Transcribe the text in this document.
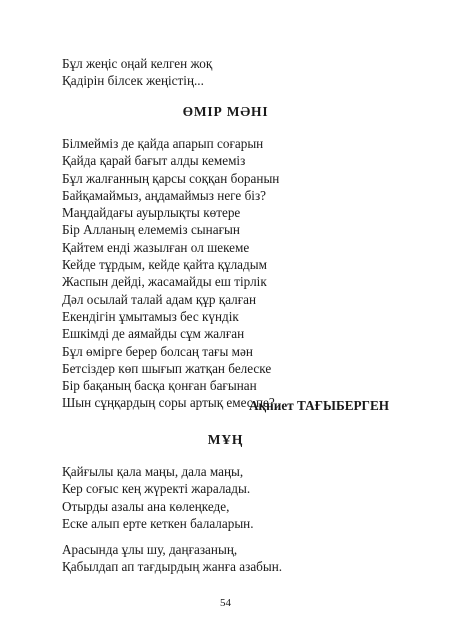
Бұл жеңіс оңай келген жоқ
Қадірін білсек жеңістің...
ӨМІР МӘНІ
Білмейміз де қайда апарып соғарын
Қайда қарай бағыт алды кемеміз
Бұл жалғанның қарсы соққан боранын
Байқамаймыз, аңдамаймыз неге біз?
Маңдайдағы ауырлықты көтере
Бір Алланың елемеміз сынағын
Қайтем енді жазылған ол шекеме
Кейде тұрдым, кейде қайта құладым
Жаспын дейді, жасамайды еш тірлік
Дәл осылай талай адам құр қалған
Екендігін ұмытамыз бес күндік
Ешкімді де аямайды сұм жалған
Бұл өмірге берер болсаң тағы мән
Бетсіздер көп шығып жатқан белеске
Бір бақаның басқа қонған бағынан
Шын сұңқардың соры артық емес пе?
Ақниет ТАҒЫБЕРГЕН
МҰҢ
Қайғылы қала маңы, дала маңы,
Кер соғыс кең жүректі жаралады.
Отырды азалы ана көлеңкеде,
Еске алып ерте кеткен балаларын.
Арасында ұлы шу, даңғазаның,
Қабылдап ап тағдырдың жанға азабын.
54
